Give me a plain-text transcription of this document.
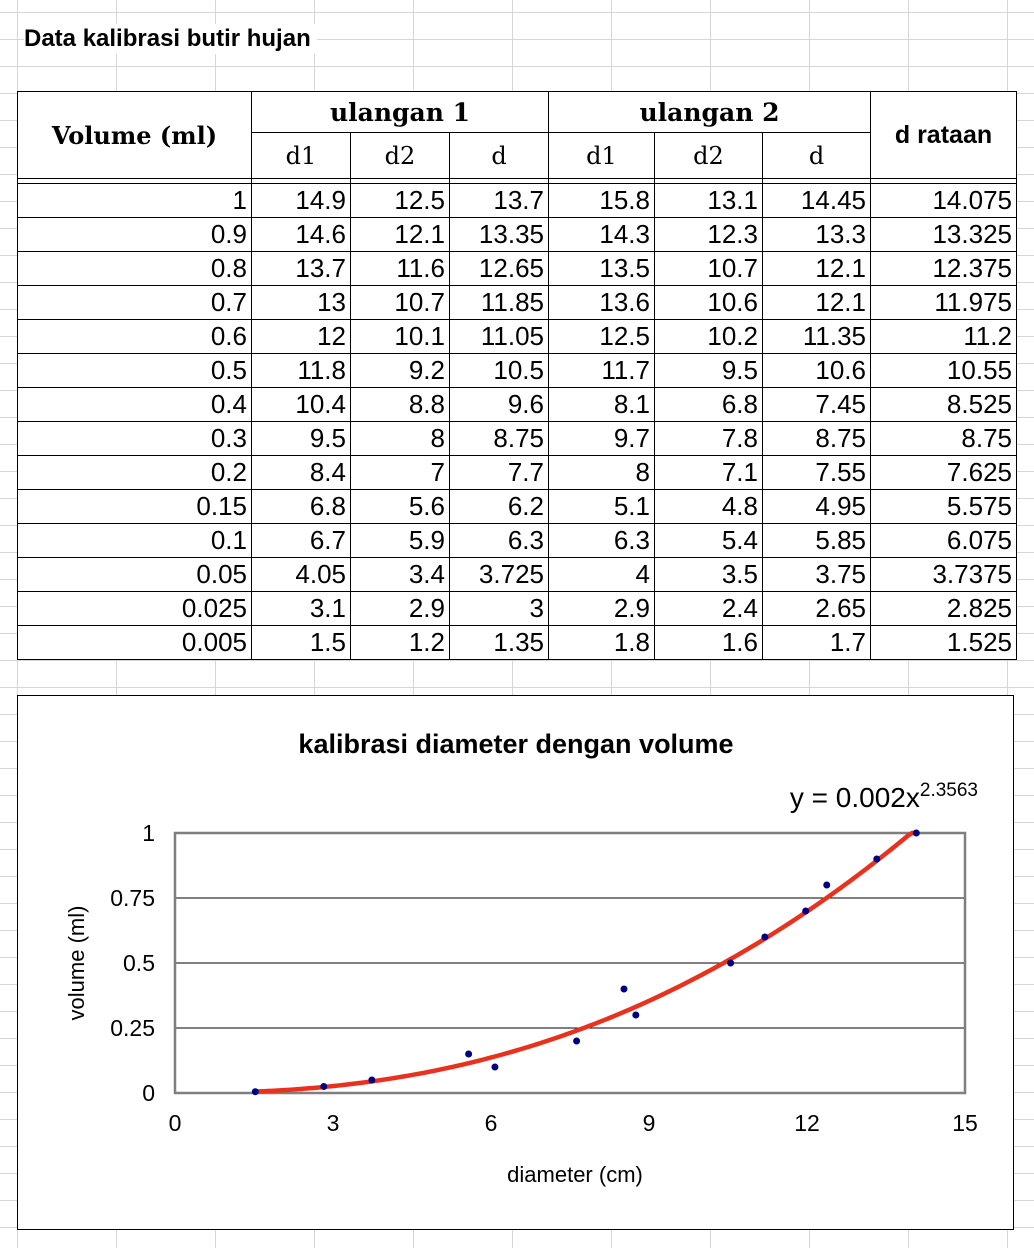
Data kalibrasi butir hujan
Volume (ml)	ulangan 1			ulangan 2			d rataan
	d1	d2	d	d1	d2	d	

1	14.9	12.5	13.7	15.8	13.1	14.45	14.075
0.9	14.6	12.1	13.35	14.3	12.3	13.3	13.325
0.8	13.7	11.6	12.65	13.5	10.7	12.1	12.375
0.7	13	10.7	11.85	13.6	10.6	12.1	11.975
0.6	12	10.1	11.05	12.5	10.2	11.35	11.2
0.5	11.8	9.2	10.5	11.7	9.5	10.6	10.55
0.4	10.4	8.8	9.6	8.1	6.8	7.45	8.525
0.3	9.5	8	8.75	9.7	7.8	8.75	8.75
0.2	8.4	7	7.7	8	7.1	7.55	7.625
0.15	6.8	5.6	6.2	5.1	4.8	4.95	5.575
0.1	6.7	5.9	6.3	6.3	5.4	5.85	6.075
0.05	4.05	3.4	3.725	4	3.5	3.75	3.7375
0.025	3.1	2.9	3	2.9	2.4	2.65	2.825
0.005	1.5	1.2	1.35	1.8	1.6	1.7	1.525
kalibrasi diameter dengan volume
0
0.25
0.5
0.75
1
0	3	6	9	12	15
diameter (cm)
volume (ml)
$y = 0.002x^{2.3563}$
